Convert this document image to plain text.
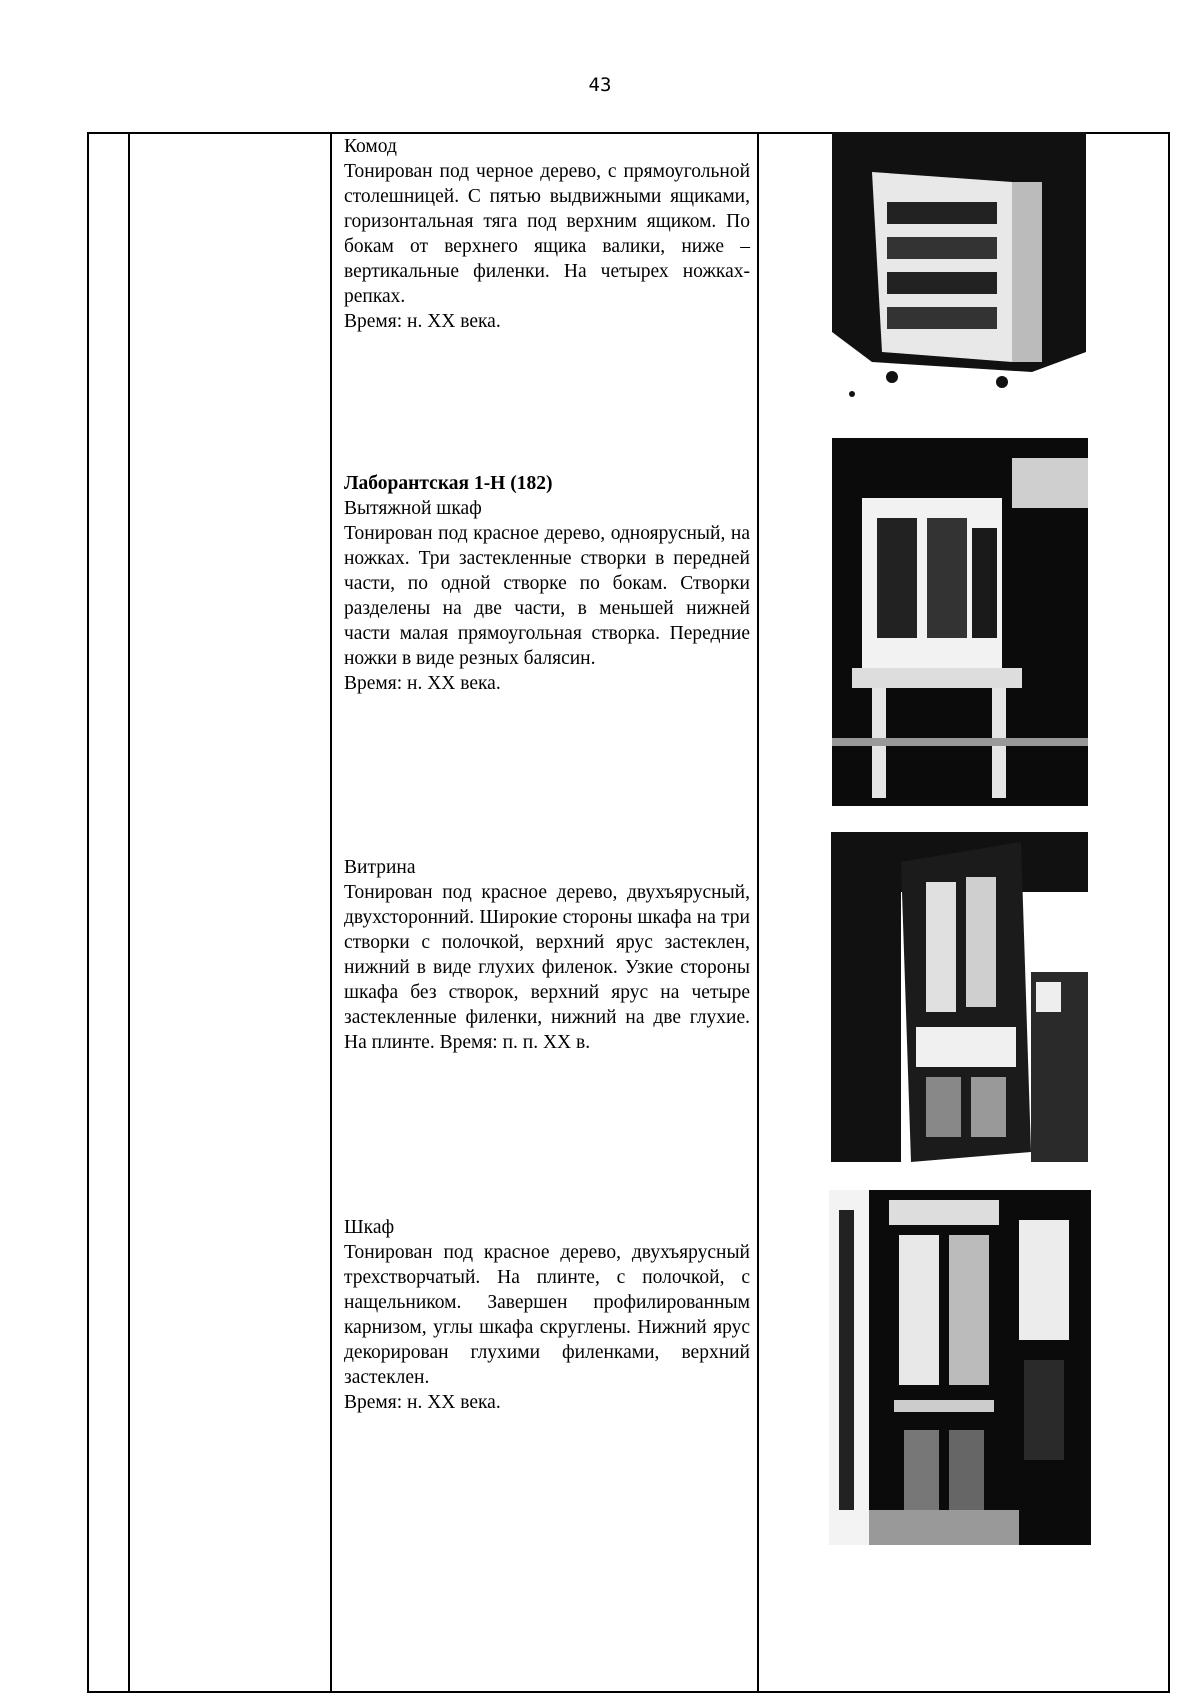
43

Комод

Тонирован под черное дерево, с прямоугольной столешницей. С пятью выдвижными ящиками, горизонтальная тяга под верхним ящиком. По бокам от верхнего ящика валики, ниже – вертикальные филенки. На четырех ножках-репках.

Время: н. XX века.

Лаборантская 1-Н (182)

Вытяжной шкаф

Тонирован под красное дерево, одноярусный, на ножках. Три застекленные створки в передней части, по одной створке по бокам. Створки разделены на две части, в меньшей нижней части малая прямоугольная створка. Передние ножки в виде резных балясин.

Время: н. XX века.

Витрина

Тонирован под красное дерево, двухъярусный, двухсторонний. Широкие стороны шкафа на три створки с полочкой, верхний ярус застеклен, нижний в виде глухих филенок. Узкие стороны шкафа без створок, верхний ярус на четыре застекленные филенки, нижний на две глухие. На плинте. Время: п. п. XX в.

Шкаф

Тонирован под красное дерево, двухъярусный трехстворчатый. На плинте, с полочкой, с нащельником. Завершен профилированным карнизом, углы шкафа скруглены. Нижний ярус декорирован глухими филенками, верхний застеклен.

Время: н. XX века.
